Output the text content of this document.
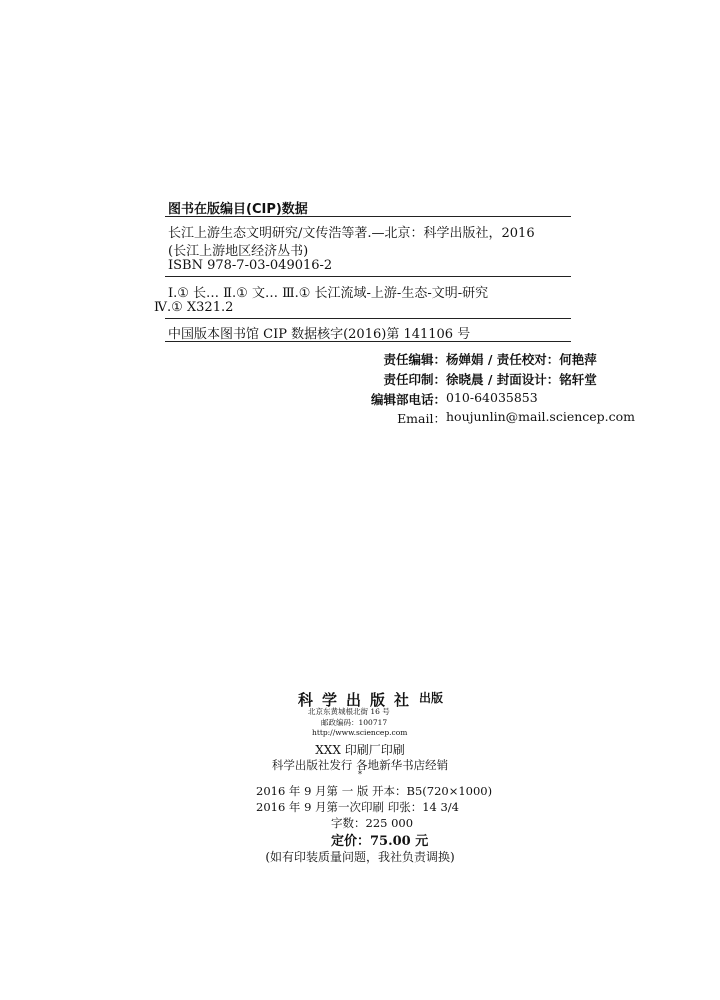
图书在版编目(CIP)数据
长江上游生态文明研究/文传浩等著.—北京：科学出版社，2016
(长江上游地区经济丛书)
ISBN 978-7-03-049016-2
Ⅰ.① 长… Ⅱ.① 文… Ⅲ.① 长江流域-上游-生态-文明-研究
Ⅳ.① X321.2
中国版本图书馆 CIP 数据核字(2016)第 141106 号
责任编辑： 杨婵娟 / 责任校对：何艳萍
责任印制： 徐晓晨 / 封面设计：铭轩堂
编辑部电话： 010-64035853
Email： houjunlin@mail.sciencep.com
科学出版社 出版
北京东黄城根北街 16 号
邮政编码：100717
http://www.sciencep.com
XXX 印刷厂印刷
科学出版社发行 各地新华书店经销
*
2016 年 9 月第 一 版 开本：B5(720×1000)
2016 年 9 月第一次印刷 印张：14 3/4
字数：225 000
定价：75.00 元
(如有印装质量问题，我社负责调换)
